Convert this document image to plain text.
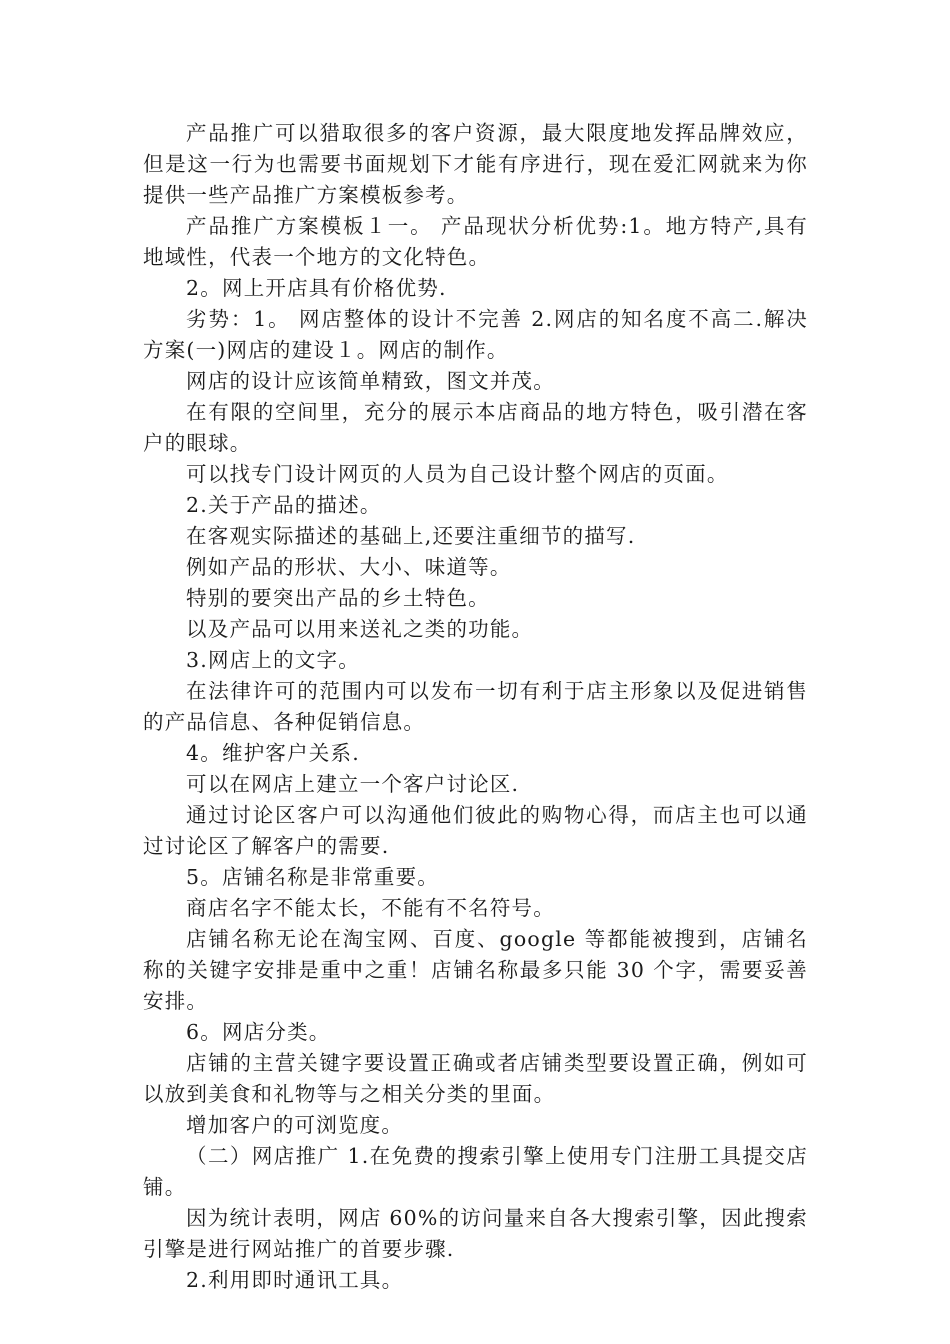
产品推广可以猎取很多的客户资源，最大限度地发挥品牌效应，但是这一行为也需要书面规划下才能有序进行，现在爱汇网就来为你提供一些产品推广方案模板参考。

产品推广方案模板１一。 产品现状分析优势:1。地方特产,具有地域性，代表一个地方的文化特色。

2。网上开店具有价格优势.

劣势：1。 网店整体的设计不完善 2.网店的知名度不高二.解决方案(一)网店的建设１。网店的制作。

网店的设计应该简单精致，图文并茂。

在有限的空间里，充分的展示本店商品的地方特色，吸引潜在客户的眼球。

可以找专门设计网页的人员为自己设计整个网店的页面。

2.关于产品的描述。

在客观实际描述的基础上,还要注重细节的描写.

例如产品的形状、大小、味道等。

特别的要突出产品的乡土特色。

以及产品可以用来送礼之类的功能。

3.网店上的文字。

在法律许可的范围内可以发布一切有利于店主形象以及促进销售的产品信息、各种促销信息。

4。维护客户关系.

可以在网店上建立一个客户讨论区.

通过讨论区客户可以沟通他们彼此的购物心得，而店主也可以通过讨论区了解客户的需要.

5。店铺名称是非常重要。

商店名字不能太长，不能有不名符号。

店铺名称无论在淘宝网、百度、google 等都能被搜到，店铺名称的关键字安排是重中之重！店铺名称最多只能 30 个字，需要妥善安排。

6。网店分类。

店铺的主营关键字要设置正确或者店铺类型要设置正确，例如可以放到美食和礼物等与之相关分类的里面。

增加客户的可浏览度。

（二）网店推广 1.在免费的搜索引擎上使用专门注册工具提交店铺。

因为统计表明，网店 60%的访问量来自各大搜索引擎，因此搜索引擎是进行网站推广的首要步骤.

2.利用即时通讯工具。
